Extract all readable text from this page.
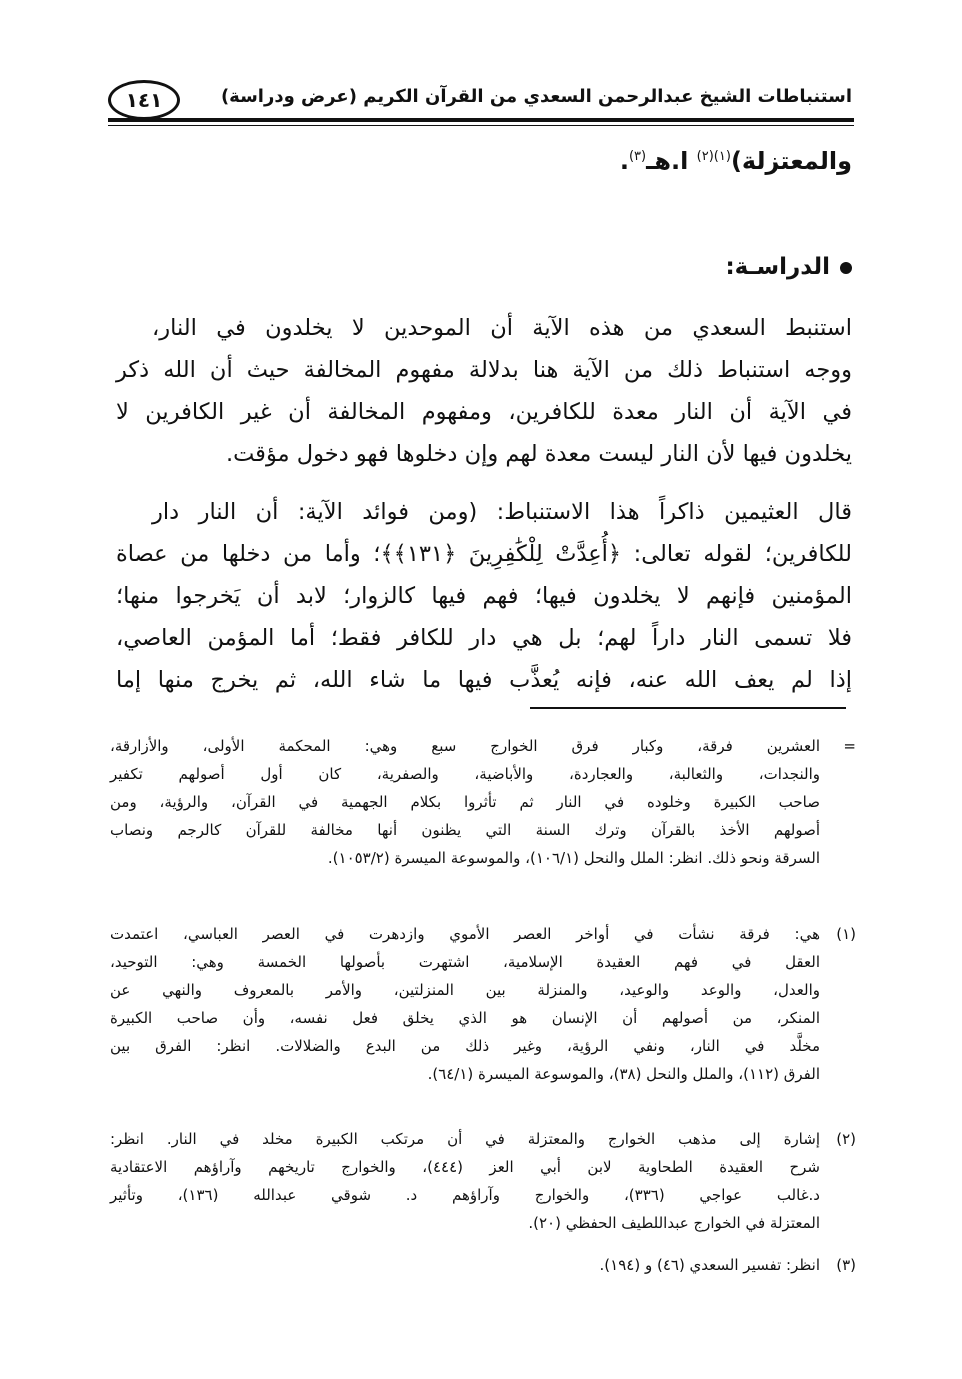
استنباطات الشيخ عبدالرحمن السعدي من القرآن الكريم (عرض ودراسة)
١٤١
والمعتزلة)$^{(١)(٢)}$ ا.هـ$^{(٣)}$.
الدراسـة:
استنبط السعدي من هذه الآية أن الموحدين لا يخلدون في النار،
ووجه استنباط ذلك من الآية هنا بدلالة مفهوم المخالفة حيث أن الله ذكر
في الآية أن النار معدة للكافرين، ومفهوم المخالفة أن غير الكافرين لا
يخلدون فيها لأن النار ليست معدة لهم وإن دخلوها فهو دخول مؤقت.
قال العثيمين ذاكراً هذا الاستنباط: (ومن فوائد الآية: أن النار دار
للكافرين؛ لقوله تعالى: ﴿أُعِدَّتْ لِلْكَٰفِرِينَ ﴿١٣١﴾﴾؛ وأما من دخلها من عصاة
المؤمنين فإنهم لا يخلدون فيها؛ فهم فيها كالزوار؛ لابد أن يَخرجوا منها؛
فلا تسمى النار داراً لهم؛ بل هي دار للكافر فقط؛ أما المؤمن العاصي،
إذا لم يعف الله عنه، فإنه يُعذَّب فيها ما شاء الله، ثم يخرج منها إما
=
العشرين فرقة، وكبار فرق الخوارج سبع وهي: المحكمة الأولى، والأزارقة،
والنجدات، والثعالبة، والعجاردة، والأباضية، والصفرية، كان أول أصولهم تكفير
صاحب الكبيرة وخلوده في النار ثم تأثروا بكلام الجهمية في القرآن، والرؤية، ومن
أصولهم الأخذ بالقرآن وترك السنة التي يظنون أنها مخالفة للقرآن كالرجم ونصاب
السرقة ونحو ذلك. انظر: الملل والنحل (١٠٦/١)، والموسوعة الميسرة (١٠٥٣/٢).
(١)
هي: فرقة نشأت في أواخر العصر الأموي وازدهرت في العصر العباسي، اعتمدت
العقل في فهم العقيدة الإسلامية، اشتهرت بأصولها الخمسة وهي: التوحيد،
والعدل، والوعد والوعيد، والمنزلة بين المنزلتين، والأمر بالمعروف والنهي عن
المنكر، من أصولهم أن الإنسان هو الذي يخلق فعل نفسه، وأن صاحب الكبيرة
مخلَّد في النار، ونفي الرؤية، وغير ذلك من البدع والضلالات. انظر: الفرق بين
الفرق (١١٢)، والملل والنحل (٣٨)، والموسوعة الميسرة (٦٤/١).
(٢)
إشارة إلى مذهب الخوارج والمعتزلة في أن مرتكب الكبيرة مخلد في النار. انظر:
شرح العقيدة الطحاوية لابن أبي العز (٤٤٤)، والخوارج تاريخهم وآراؤهم الاعتقادية
د.غالب عواجي (٣٣٦)، والخوارج وآراؤهم د. شوقي عبدالله (١٣٦)، وتأثير
المعتزلة في الخوارج عبداللطيف الحفظي (٢٠).
(٣)
انظر: تفسير السعدي (٤٦) و (١٩٤).
